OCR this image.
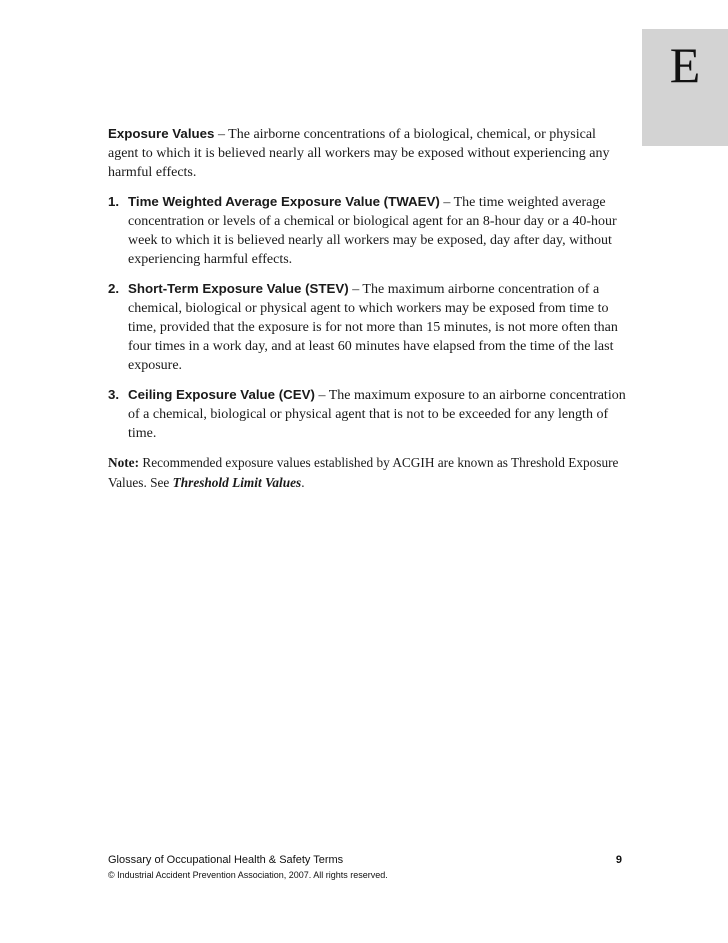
E

Exposure Values – The airborne concentrations of a biological, chemical, or physical agent to which it is believed nearly all workers may be exposed without experiencing any harmful effects.

1. Time Weighted Average Exposure Value (TWAEV) – The time weighted average concentration or levels of a chemical or biological agent for an 8-hour day or a 40-hour week to which it is believed nearly all workers may be exposed, day after day, without experiencing harmful effects.
2. Short-Term Exposure Value (STEV) – The maximum airborne concentration of a chemical, biological or physical agent to which workers may be exposed from time to time, provided that the exposure is for not more than 15 minutes, is not more often than four times in a work day, and at least 60 minutes have elapsed from the time of the last exposure.
3. Ceiling Exposure Value (CEV) – The maximum exposure to an airborne concentration of a chemical, biological or physical agent that is not to be exceeded for any length of time.

Note: Recommended exposure values established by ACGIH are known as Threshold Exposure Values. See Threshold Limit Values.

Glossary of Occupational Health & Safety Terms	9
© Industrial Accident Prevention Association, 2007. All rights reserved.
